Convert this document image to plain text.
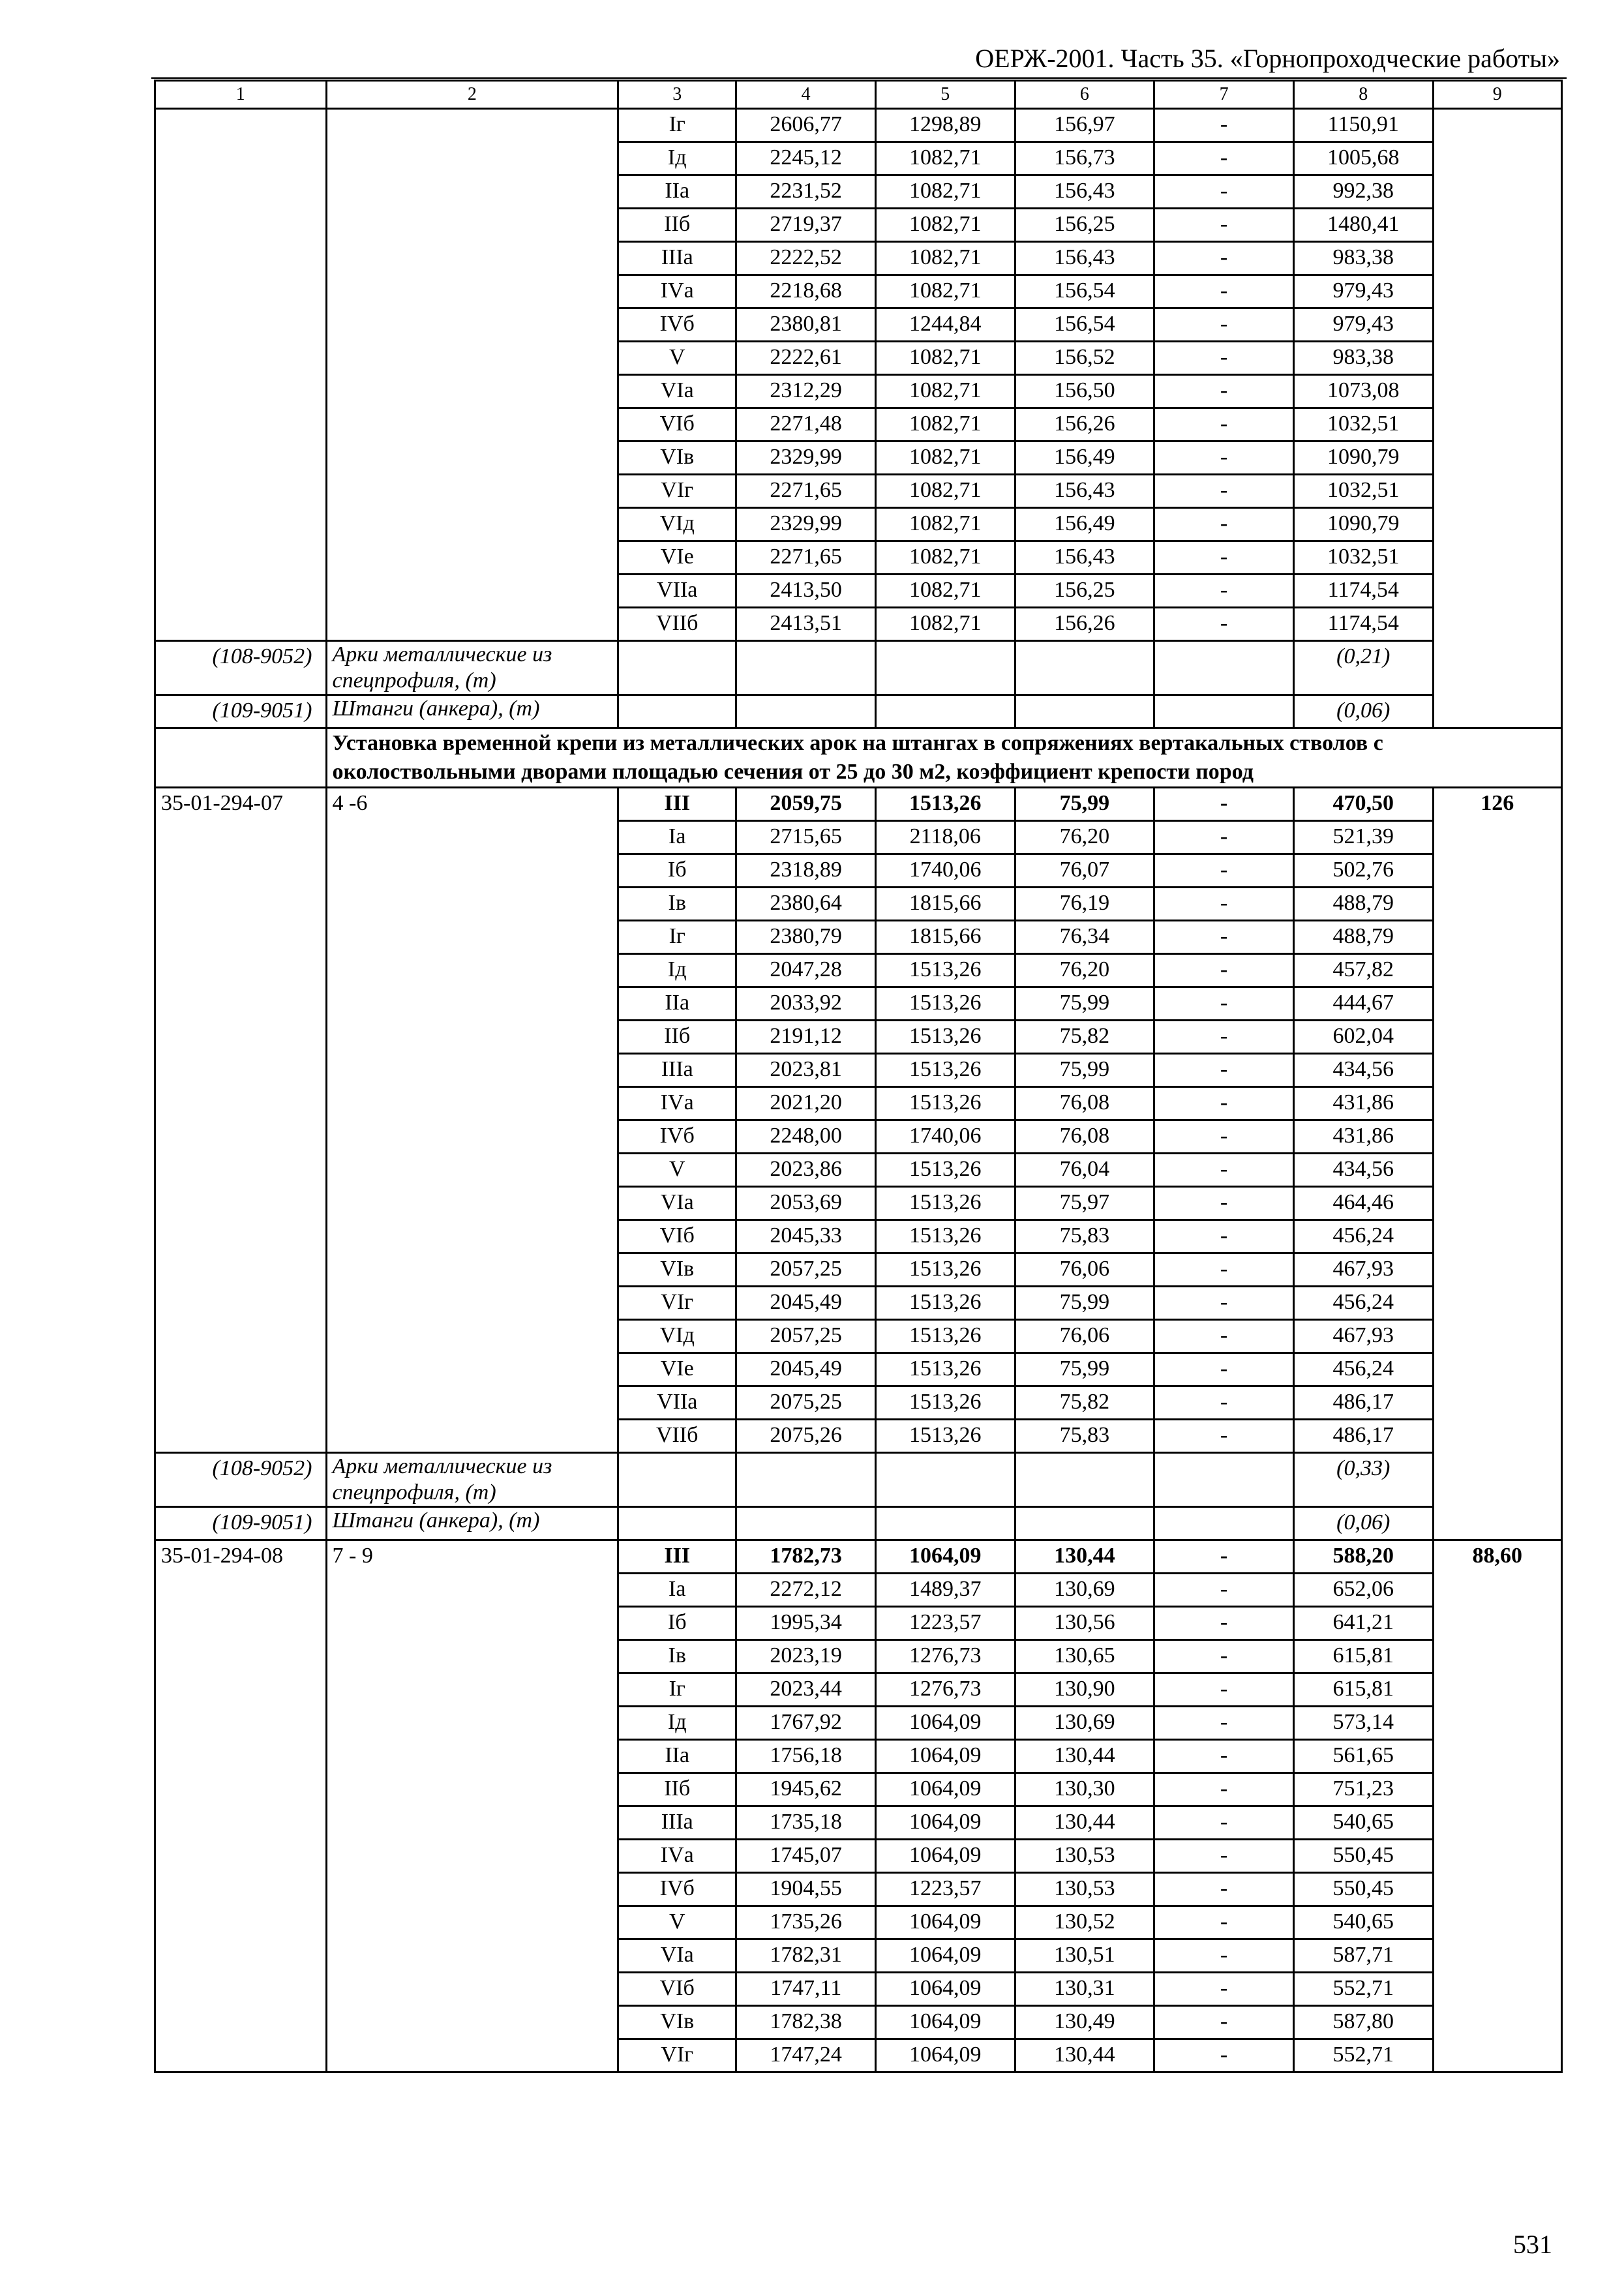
ОЕРЖ-2001. Часть 35. «Горнопроходческие работы»
1	2	3	4	5	6	7	8	9
		Iг	2606,77	1298,89	156,97	-	1150,91	
		Iд	2245,12	1082,71	156,73	-	1005,68	
		IIа	2231,52	1082,71	156,43	-	992,38	
		IIб	2719,37	1082,71	156,25	-	1480,41	
		IIIа	2222,52	1082,71	156,43	-	983,38	
		IVа	2218,68	1082,71	156,54	-	979,43	
		IVб	2380,81	1244,84	156,54	-	979,43	
		V	2222,61	1082,71	156,52	-	983,38	
		VIа	2312,29	1082,71	156,50	-	1073,08	
		VIб	2271,48	1082,71	156,26	-	1032,51	
		VIв	2329,99	1082,71	156,49	-	1090,79	
		VIг	2271,65	1082,71	156,43	-	1032,51	
		VIд	2329,99	1082,71	156,49	-	1090,79	
		VIе	2271,65	1082,71	156,43	-	1032,51	
		VIIа	2413,50	1082,71	156,25	-	1174,54	
		VIIб	2413,51	1082,71	156,26	-	1174,54	
(108-9052)	Арки металлические из спецпрофиля, (т)						(0,21)	
(109-9051)	Штанги (анкера), (т)						(0,06)	
	Установка временной крепи из металлических арок на штангах в сопряжениях вертакальных стволов с околоствольными дворами площадью сечения от 25 до 30 м2, коэффициент крепости пород							
35-01-294-07	4 -6	III	2059,75	1513,26	75,99	-	470,50	126
		Iа	2715,65	2118,06	76,20	-	521,39	
		Iб	2318,89	1740,06	76,07	-	502,76	
		Iв	2380,64	1815,66	76,19	-	488,79	
		Iг	2380,79	1815,66	76,34	-	488,79	
		Iд	2047,28	1513,26	76,20	-	457,82	
		IIа	2033,92	1513,26	75,99	-	444,67	
		IIб	2191,12	1513,26	75,82	-	602,04	
		IIIа	2023,81	1513,26	75,99	-	434,56	
		IVа	2021,20	1513,26	76,08	-	431,86	
		IVб	2248,00	1740,06	76,08	-	431,86	
		V	2023,86	1513,26	76,04	-	434,56	
		VIа	2053,69	1513,26	75,97	-	464,46	
		VIб	2045,33	1513,26	75,83	-	456,24	
		VIв	2057,25	1513,26	76,06	-	467,93	
		VIг	2045,49	1513,26	75,99	-	456,24	
		VIд	2057,25	1513,26	76,06	-	467,93	
		VIе	2045,49	1513,26	75,99	-	456,24	
		VIIа	2075,25	1513,26	75,82	-	486,17	
		VIIб	2075,26	1513,26	75,83	-	486,17	
(108-9052)	Арки металлические из спецпрофиля, (т)						(0,33)	
(109-9051)	Штанги (анкера), (т)						(0,06)	
35-01-294-08	7 - 9	III	1782,73	1064,09	130,44	-	588,20	88,60
		Iа	2272,12	1489,37	130,69	-	652,06	
		Iб	1995,34	1223,57	130,56	-	641,21	
		Iв	2023,19	1276,73	130,65	-	615,81	
		Iг	2023,44	1276,73	130,90	-	615,81	
		Iд	1767,92	1064,09	130,69	-	573,14	
		IIа	1756,18	1064,09	130,44	-	561,65	
		IIб	1945,62	1064,09	130,30	-	751,23	
		IIIа	1735,18	1064,09	130,44	-	540,65	
		IVа	1745,07	1064,09	130,53	-	550,45	
		IVб	1904,55	1223,57	130,53	-	550,45	
		V	1735,26	1064,09	130,52	-	540,65	
		VIа	1782,31	1064,09	130,51	-	587,71	
		VIб	1747,11	1064,09	130,31	-	552,71	
		VIв	1782,38	1064,09	130,49	-	587,80	
		VIг	1747,24	1064,09	130,44	-	552,71	
531
